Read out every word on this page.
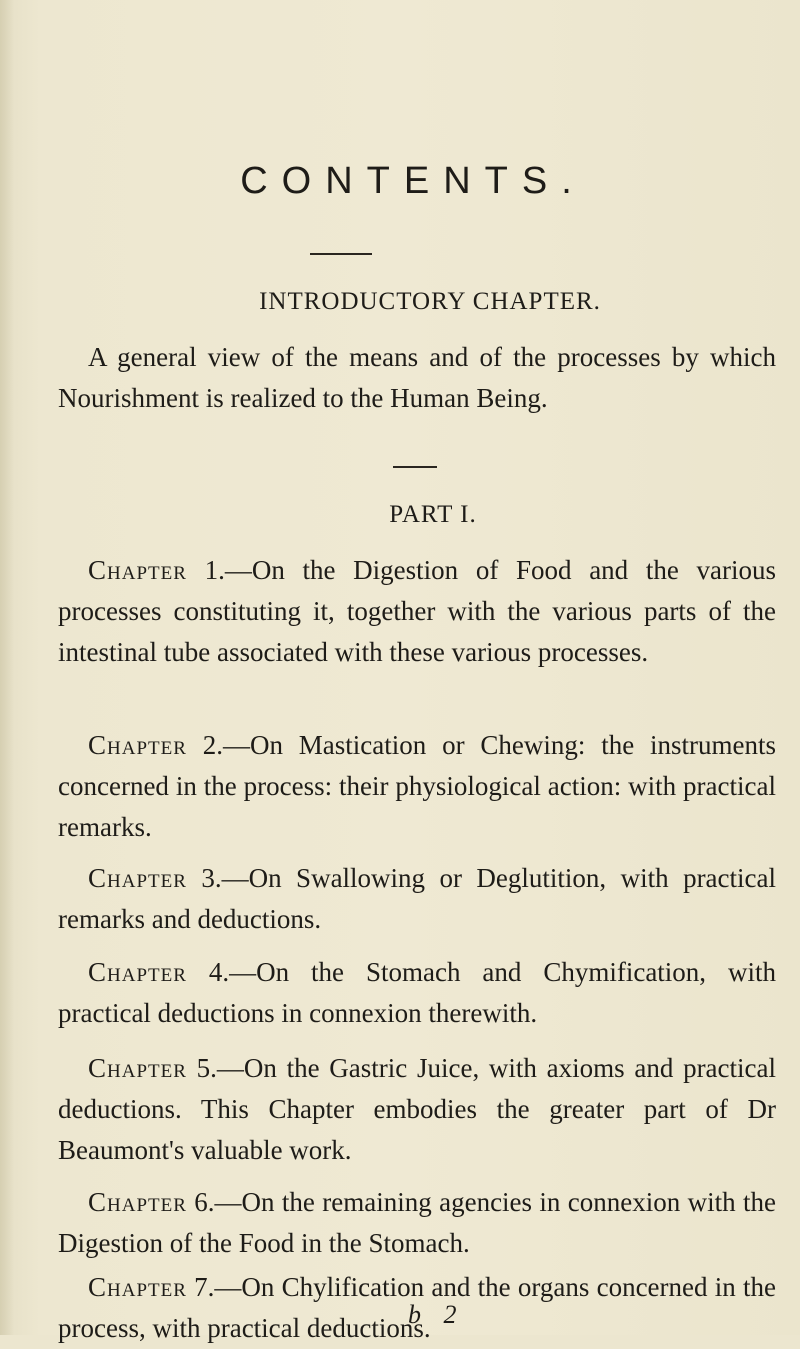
CONTENTS.
INTRODUCTORY CHAPTER.

A general view of the means and of the processes by which Nourishment is realized to the Human Being.

PART I.

Chapter 1.—On the Digestion of Food and the various processes constituting it, together with the various parts of the intestinal tube associated with these various processes.

Chapter 2.—On Mastication or Chewing: the instruments concerned in the process: their physiological action: with practical remarks.

Chapter 3.—On Swallowing or Deglutition, with practical remarks and deductions.

Chapter 4.—On the Stomach and Chymification, with practical deductions in connexion therewith.

Chapter 5.—On the Gastric Juice, with axioms and practical deductions. This Chapter embodies the greater part of Dr Beaumont's valuable work.

Chapter 6.—On the remaining agencies in connexion with the Digestion of the Food in the Stomach.

Chapter 7.—On Chylification and the organs concerned in the process, with practical deductions.

b 2
